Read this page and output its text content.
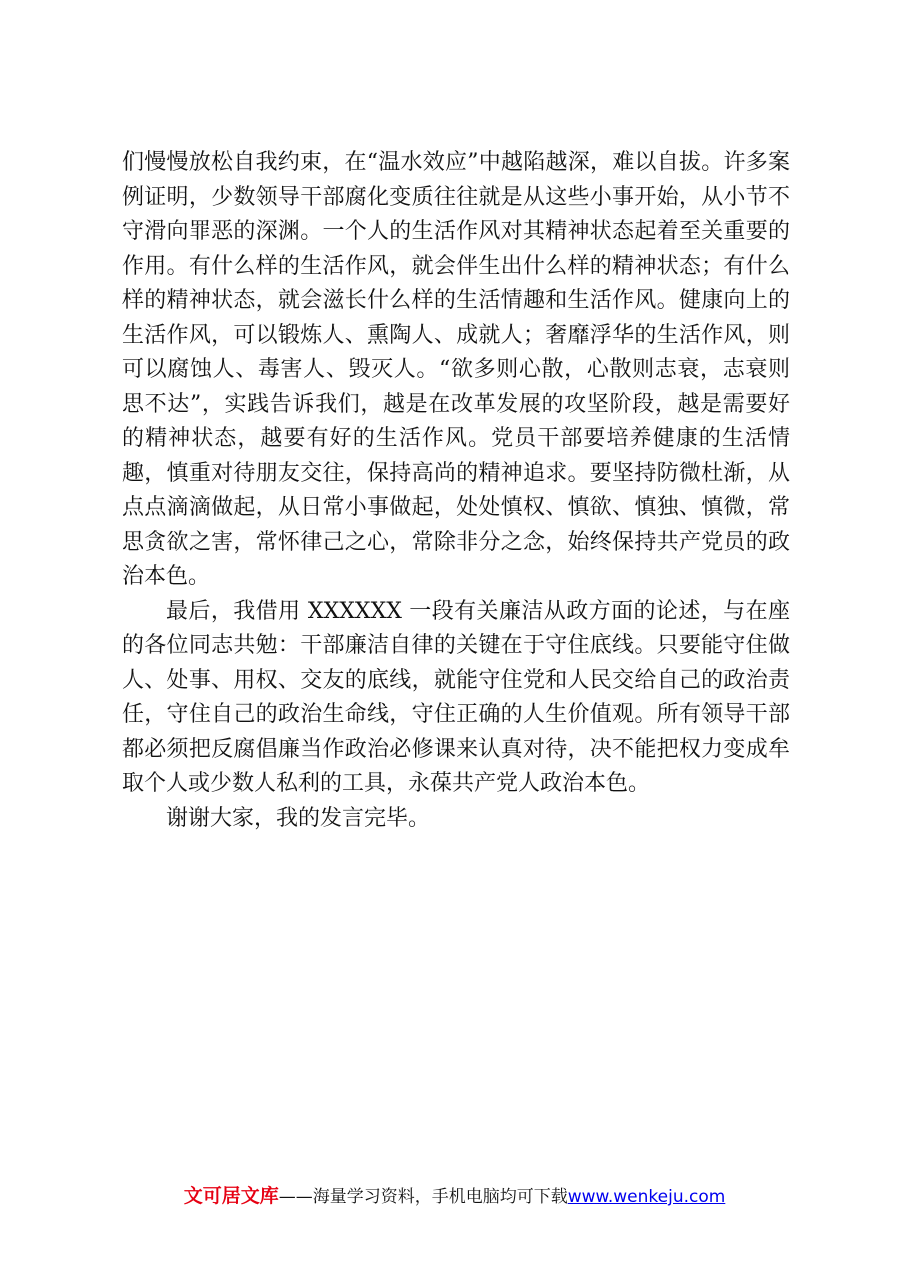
们慢慢放松自我约束，在“温水效应”中越陷越深，难以自拔。许多案例证明，少数领导干部腐化变质往往就是从这些小事开始，从小节不守滑向罪恶的深渊。一个人的生活作风对其精神状态起着至关重要的作用。有什么样的生活作风，就会伴生出什么样的精神状态；有什么样的精神状态，就会滋长什么样的生活情趣和生活作风。健康向上的生活作风，可以锻炼人、熏陶人、成就人；奢靡浮华的生活作风，则可以腐蚀人、毒害人、毁灭人。“欲多则心散，心散则志衰，志衰则思不达”，实践告诉我们，越是在改革发展的攻坚阶段，越是需要好的精神状态，越要有好的生活作风。党员干部要培养健康的生活情趣，慎重对待朋友交往，保持高尚的精神追求。要坚持防微杜渐，从点点滴滴做起，从日常小事做起，处处慎权、慎欲、慎独、慎微，常思贪欲之害，常怀律己之心，常除非分之念，始终保持共产党员的政治本色。

最后，我借用 XXXXXX 一段有关廉洁从政方面的论述，与在座的各位同志共勉：干部廉洁自律的关键在于守住底线。只要能守住做人、处事、用权、交友的底线，就能守住党和人民交给自己的政治责任，守住自己的政治生命线，守住正确的人生价值观。所有领导干部都必须把反腐倡廉当作政治必修课来认真对待，决不能把权力变成牟取个人或少数人私利的工具，永葆共产党人政治本色。

谢谢大家，我的发言完毕。

文可居文库——海量学习资料，手机电脑均可下载www.wenkeju.com
